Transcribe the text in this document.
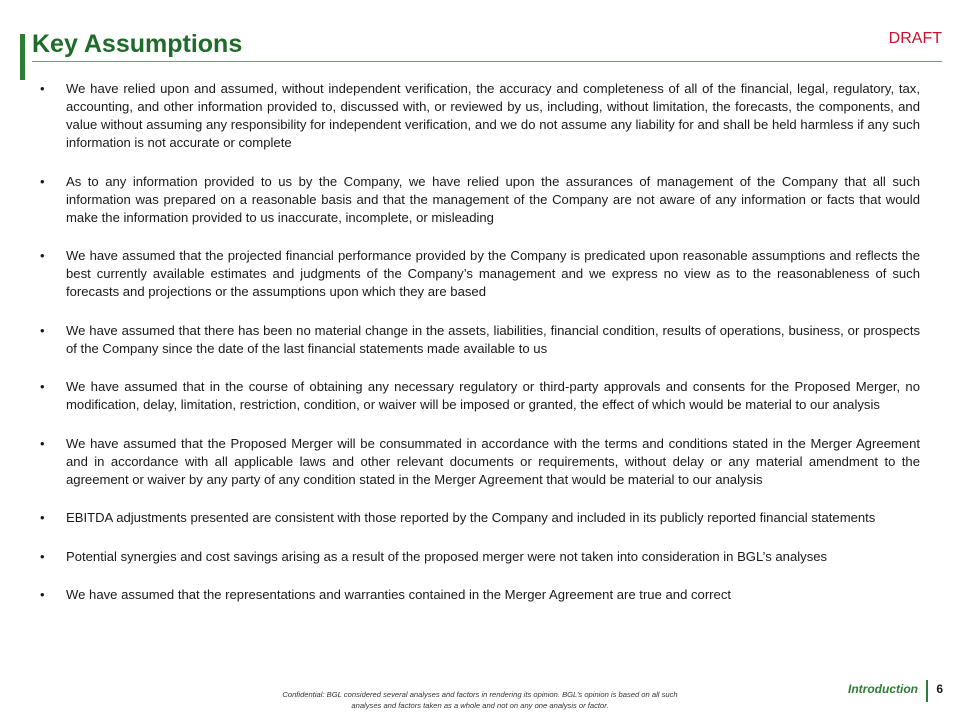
Key Assumptions	DRAFT
• We have relied upon and assumed, without independent verification, the accuracy and completeness of all of the financial, legal, regulatory, tax, accounting, and other information provided to, discussed with, or reviewed by us, including, without limitation, the forecasts, the components, and value without assuming any responsibility for independent verification, and we do not assume any liability for and shall be held harmless if any such information is not accurate or complete
• As to any information provided to us by the Company, we have relied upon the assurances of management of the Company that all such information was prepared on a reasonable basis and that the management of the Company are not aware of any information or facts that would make the information provided to us inaccurate, incomplete, or misleading
• We have assumed that the projected financial performance provided by the Company is predicated upon reasonable assumptions and reflects the best currently available estimates and judgments of the Company’s management and we express no view as to the reasonableness of such forecasts and projections or the assumptions upon which they are based
• We have assumed that there has been no material change in the assets, liabilities, financial condition, results of operations, business, or prospects of the Company since the date of the last financial statements made available to us
• We have assumed that in the course of obtaining any necessary regulatory or third-party approvals and consents for the Proposed Merger, no modification, delay, limitation, restriction, condition, or waiver will be imposed or granted, the effect of which would be material to our analysis
• We have assumed that the Proposed Merger will be consummated in accordance with the terms and conditions stated in the Merger Agreement and in accordance with all applicable laws and other relevant documents or requirements, without delay or any material amendment to the agreement or waiver by any party of any condition stated in the Merger Agreement that would be material to our analysis
• EBITDA adjustments presented are consistent with those reported by the Company and included in its publicly reported financial statements
• Potential synergies and cost savings arising as a result of the proposed merger were not taken into consideration in BGL’s analyses
• We have assumed that the representations and warranties contained in the Merger Agreement are true and correct
Confidential: BGL considered several analyses and factors in rendering its opinion. BGL’s opinion is based on all such analyses and factors taken as a whole and not on any one analysis or factor.
Introduction 6
